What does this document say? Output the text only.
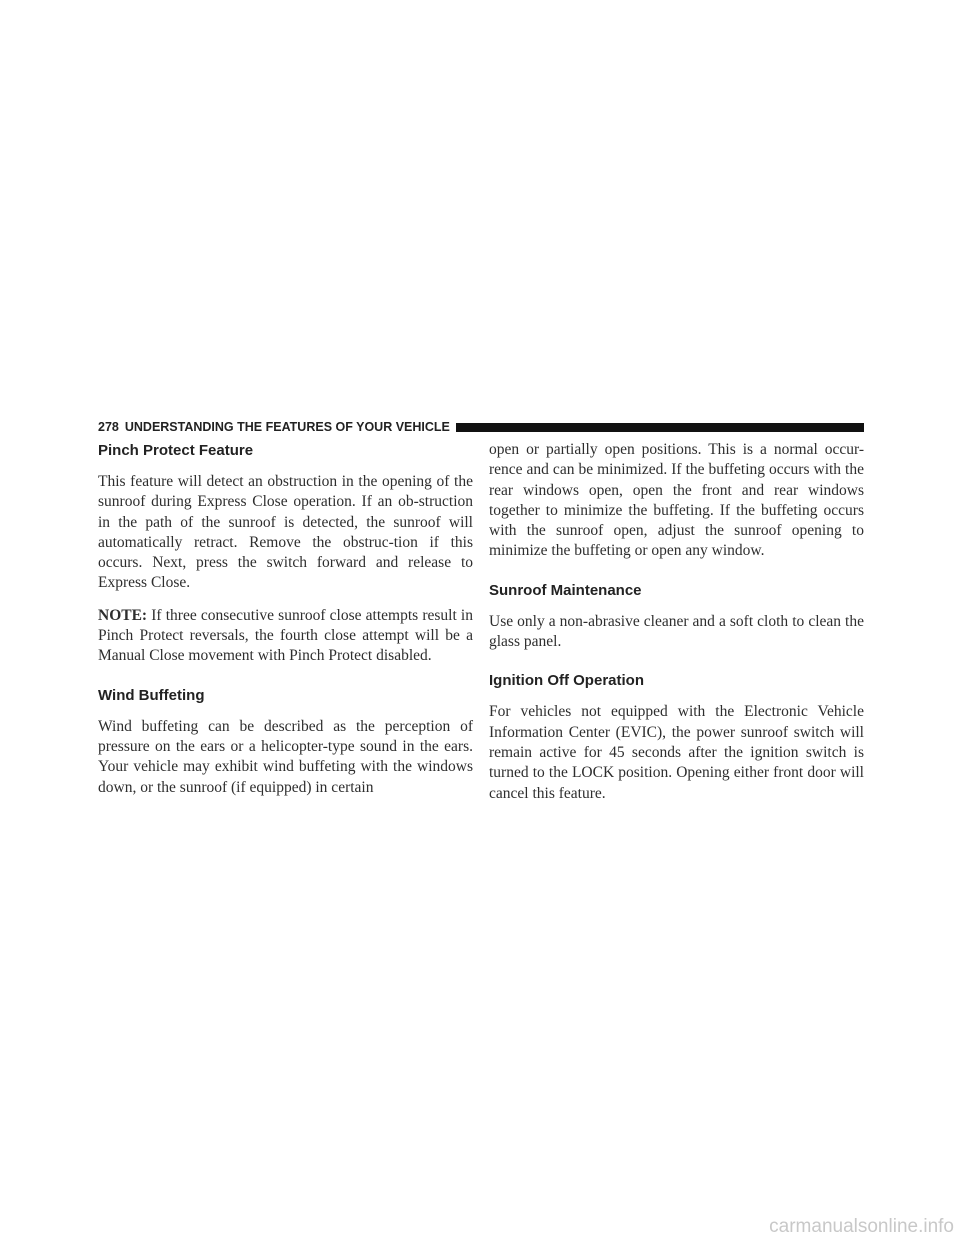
278 UNDERSTANDING THE FEATURES OF YOUR VEHICLE
Pinch Protect Feature

This feature will detect an obstruction in the opening of the sunroof during Express Close operation. If an ob-struction in the path of the sunroof is detected, the sunroof will automatically retract. Remove the obstruc-tion if this occurs. Next, press the switch forward and release to Express Close.

NOTE: If three consecutive sunroof close attempts result in Pinch Protect reversals, the fourth close attempt will be a Manual Close movement with Pinch Protect disabled.

Wind Buffeting

Wind buffeting can be described as the perception of pressure on the ears or a helicopter-type sound in the ears. Your vehicle may exhibit wind buffeting with the windows down, or the sunroof (if equipped) in certain

open or partially open positions. This is a normal occur-rence and can be minimized. If the buffeting occurs with the rear windows open, open the front and rear windows together to minimize the buffeting. If the buffeting occurs with the sunroof open, adjust the sunroof opening to minimize the buffeting or open any window.

Sunroof Maintenance

Use only a non-abrasive cleaner and a soft cloth to clean the glass panel.

Ignition Off Operation

For vehicles not equipped with the Electronic Vehicle Information Center (EVIC), the power sunroof switch will remain active for 45 seconds after the ignition switch is turned to the LOCK position. Opening either front door will cancel this feature.

carmanualsonline.info
